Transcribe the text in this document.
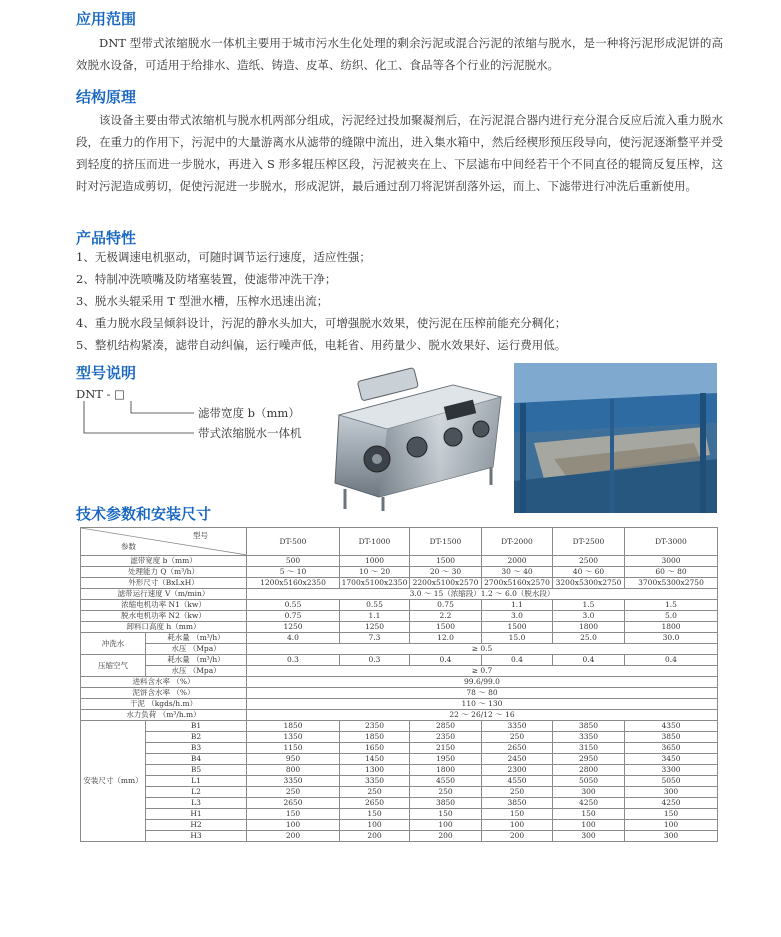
应用范围

DNT 型带式浓缩脱水一体机主要用于城市污水生化处理的剩余污泥或混合污泥的浓缩与脱水，是一种将污泥形成泥饼的高效脱水设备，可适用于给排水、造纸、铸造、皮革、纺织、化工、食品等各个行业的污泥脱水。

结构原理

该设备主要由带式浓缩机与脱水机两部分组成，污泥经过投加聚凝剂后，在污泥混合器内进行充分混合反应后流入重力脱水段，在重力的作用下，污泥中的大量游离水从滤带的缝隙中流出，进入集水箱中，然后经楔形预压段导向，使污泥逐渐整平并受到轻度的挤压而进一步脱水，再进入 S 形多辊压榨区段，污泥被夹在上、下层滤布中间经若干个不同直径的辊筒反复压榨，这时对污泥造成剪切，促使污泥进一步脱水，形成泥饼，最后通过刮刀将泥饼刮落外运，而上、下滤带进行冲洗后重新使用。

产品特性
1、无极调速电机驱动，可随时调节运行速度，适应性强；
2、特制冲洗喷嘴及防堵塞装置，使滤带冲洗干净；
3、脱水头辊采用 T 型泄水槽，压榨水迅速出流；
4、重力脱水段呈倾斜设计，污泥的静水头加大，可增强脱水效果，使污泥在压榨前能充分稠化；
5、整机结构紧凑，滤带自动纠偏，运行噪声低，电耗省、用药量少、脱水效果好、运行费用低。
型号说明
DNT - □
滤带宽度 b（mm）
带式浓缩脱水一体机
技术参数和安装尺寸
型号
参数		DT-500	DT-1000	DT-1500	DT-2000	DT-2500	DT-3000
滤带宽度 b（mm）		500	1000	1500	2000	2500	3000
处理能力 Q（m³/h）		5 ～ 10	10 ～ 20	20 ～ 30	30 ～ 40	40 ～ 60	60 ～ 80
外形尺寸（BxLxH）		1200x5160x2350	1700x5100x2350	2200x5100x2570	2700x5160x2570	3200x5300x2750	3700x5300x2750
滤带运行速度 V（m/min）		3.0 ～ 15（浓缩段）1.2 ～ 6.0（脱水段）					
浓缩电机功率 N1（kw）		0.55	0.55	0.75	1.1	1.5	1.5
脱水电机功率 N2（kw）		0.75	1.1	2.2	3.0	3.0	5.0
卸料口高度 h（mm）		1250	1250	1500	1500	1800	1800
冲洗水	耗水量 （m³/h）	4.0	7.3	12.0	15.0	25.0	30.0
	水压 （Mpa）	≥ 0.5					
压缩空气	耗水量 （m³/h）	0.3	0.3	0.4	0.4	0.4	0.4
	水压 （Mpa）	≥ 0.7					
进料含水率 （%）		99.6/99.0					
泥饼含水率 （%）		78 ～ 80					
干泥 （kgds/h.m）		110 ～ 130					
水力负荷 （m³/h.m）		22 ～ 26/12 ～ 16					
安装尺寸（mm）	B1	1850	2350	2850	3350	3850	4350
	B2	1350	1850	2350	250	3350	3850
	B3	1150	1650	2150	2650	3150	3650
	B4	950	1450	1950	2450	2950	3450
	B5	800	1300	1800	2300	2800	3300
	L1	3350	3350	4550	4550	5050	5050
	L2	250	250	250	250	300	300
	L3	2650	2650	3850	3850	4250	4250
	H1	150	150	150	150	150	150
	H2	100	100	100	100	100	100
	H3	200	200	200	200	300	300
